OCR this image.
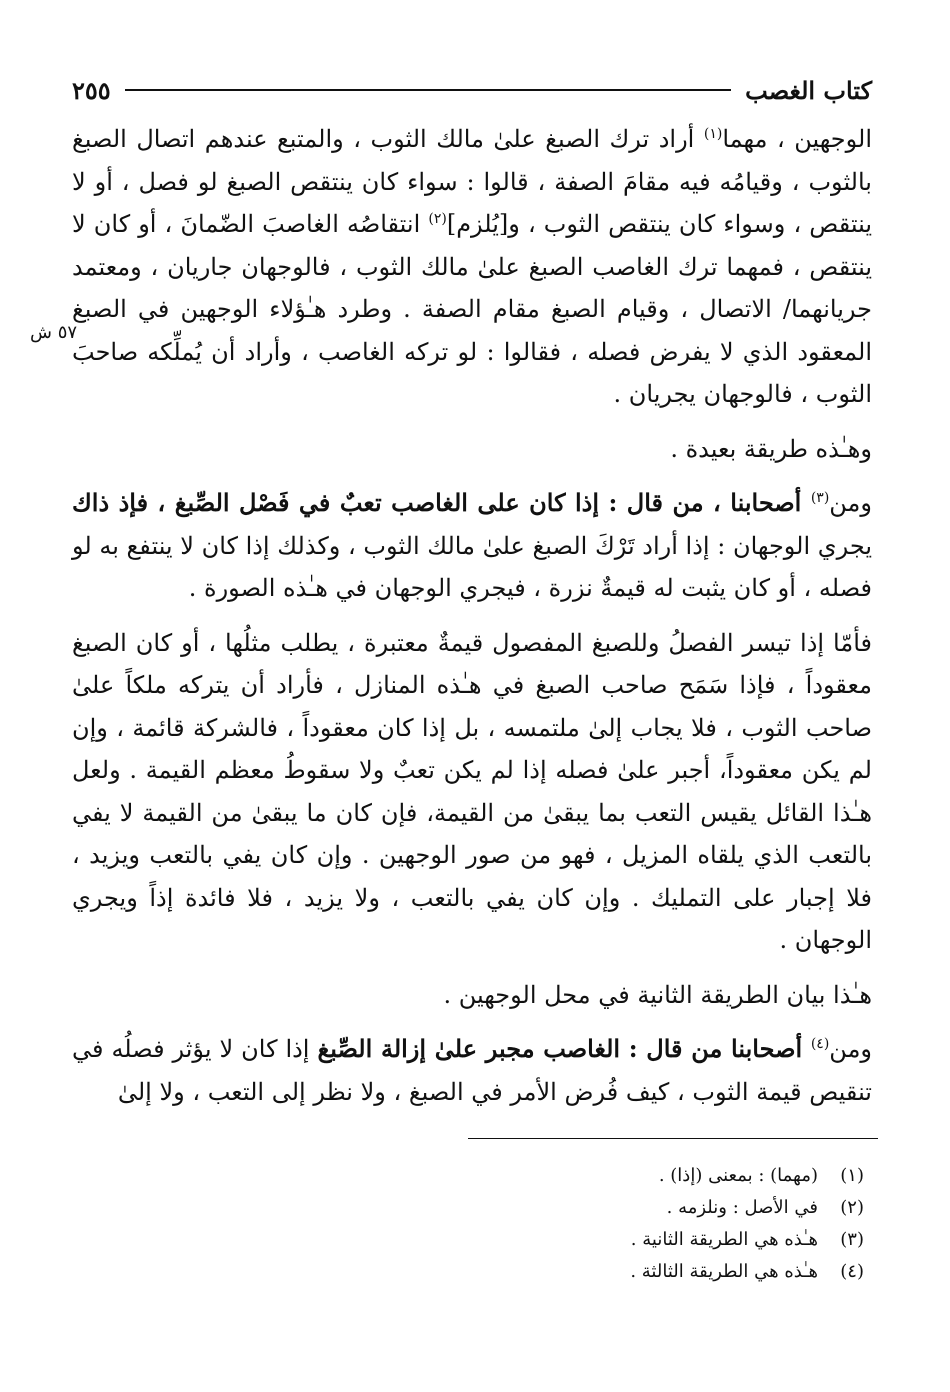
كتاب الغصب
٢٥٥

الوجهين ، مهما$^{(١)}$ أراد ترك الصبغ علىٰ مالك الثوب ، والمتبع عندهم اتصال الصبغ بالثوب ، وقيامُه فيه مقامَ الصفة ، قالوا : سواء كان ينتقص الصبغ لو فصل ، أو لا ينتقص ، وسواء كان ينتقص الثوب ، و[يُلزم]$^{(٢)}$ انتقاصُه الغاصبَ الضّمانَ ، أو كان لا ينتقص ، فمهما ترك الغاصب الصبغ علىٰ مالك الثوب ، فالوجهان جاريان ، ومعتمد جريانهما/ الاتصال ، وقيام الصبغ مقام الصفة . وطرد هـٰؤلاء الوجهين في الصبغ المعقود الذي لا يفرض فصله ، فقالوا : لو تركه الغاصب ، وأراد أن يُملِّكه صاحبَ الثوب ، فالوجهان يجريان .

وهـٰذه طريقة بعيدة .

ومن$^{(٣)}$ أصحابنا ، من قال : إذا كان على الغاصب تعبٌ في فَصْل الصِّبغ ، فإذ ذاك يجري الوجهان : إذا أراد تَرْكَ الصبغ علىٰ مالك الثوب ، وكذلك إذا كان لا ينتفع به لو فصله ، أو كان يثبت له قيمةٌ نزرة ، فيجري الوجهان في هـٰذه الصورة .

فأمّا إذا تيسر الفصلُ وللصبغ المفصول قيمةٌ معتبرة ، يطلب مثلُها ، أو كان الصبغ معقوداً ، فإذا سَمَح صاحب الصبغ في هـٰذه المنازل ، فأراد أن يتركه ملكاً علىٰ صاحب الثوب ، فلا يجاب إلىٰ ملتمسه ، بل إذا كان معقوداً ، فالشركة قائمة ، وإن لم يكن معقوداً، أجبر علىٰ فصله إذا لم يكن تعبٌ ولا سقوطُ معظم القيمة . ولعل هـٰذا القائل يقيس التعب بما يبقىٰ من القيمة، فإن كان ما يبقىٰ من القيمة لا يفي بالتعب الذي يلقاه المزيل ، فهو من صور الوجهين . وإن كان يفي بالتعب ويزيد ، فلا إجبار على التمليك . وإن كان يفي بالتعب ، ولا يزيد ، فلا فائدة إذاً ويجري الوجهان .

هـٰذا بيان الطريقة الثانية في محل الوجهين .

ومن$^{(٤)}$ أصحابنا من قال : الغاصب مجبر علىٰ إزالة الصِّبغ إذا كان لا يؤثر فصلُه في تنقيص قيمة الثوب ، كيف فُرض الأمر في الصبغ ، ولا نظر إلى التعب ، ولا إلىٰ

٥٧ ش
(١)
(مهما) : بمعنى (إذا) .
(٢)
في الأصل : ونلزمه .
(٣)
هـٰذه هي الطريقة الثانية .
(٤)
هـٰذه هي الطريقة الثالثة .
